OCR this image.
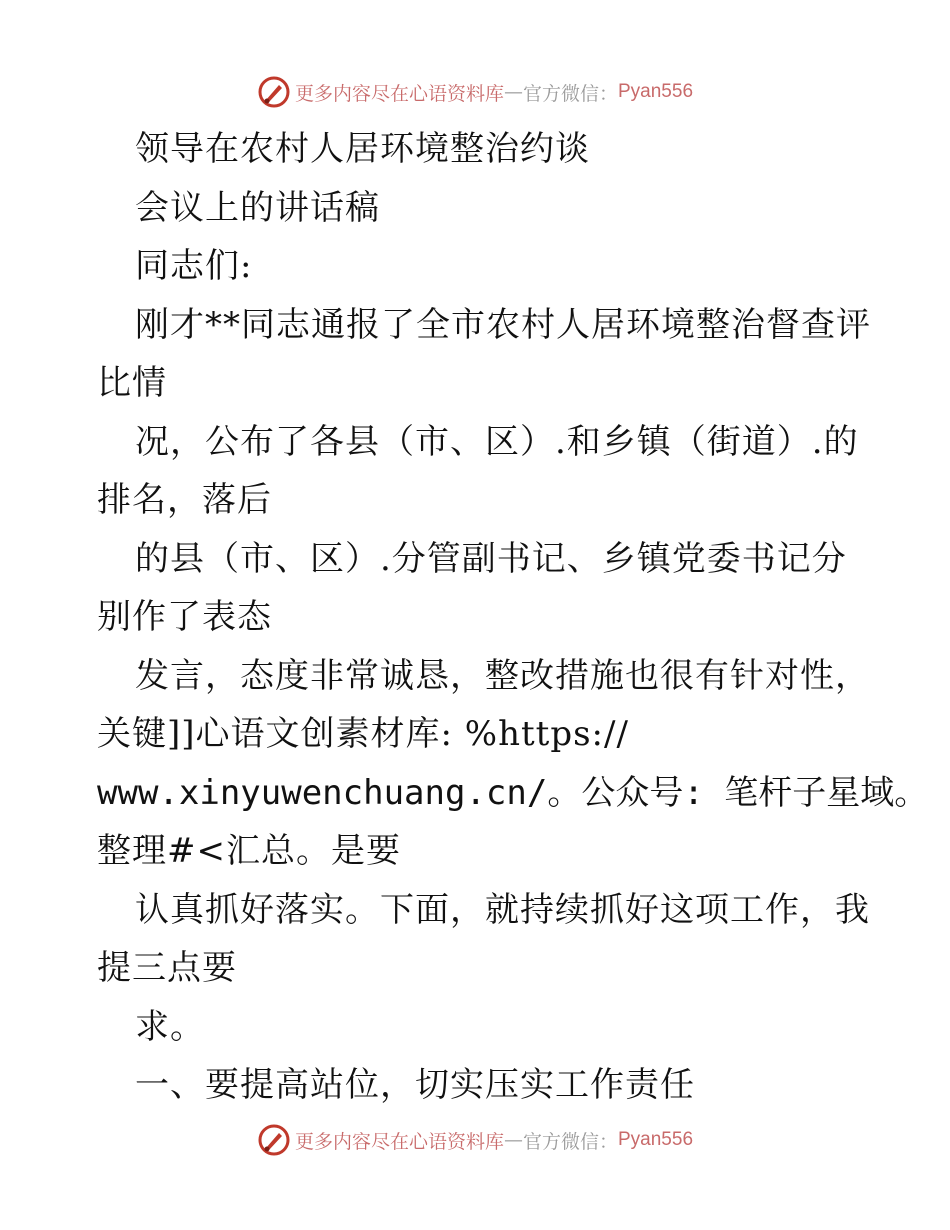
更多内容尽在心语资料库 — 官方微信： Pyan556
领导在农村人居环境整治约谈
会议上的讲话稿
同志们:
刚才**同志通报了全市农村人居环境整治督查评
比情
况，公布了各县（市、区）.和乡镇（街道）.的
排名，落后
的县（市、区）.分管副书记、乡镇党委书记分
别作了表态
发言，态度非常诚恳，整改措施也很有针对性，
关键]]心语文创素材库: %https://
www.xinyuwenchuang.cn/。公众号: 笔杆子星域。
整理#<汇总。是要
认真抓好落实。下面，就持续抓好这项工作，我
提三点要
求。
一、要提高站位，切实压实工作责任
更多内容尽在心语资料库 — 官方微信： Pyan556
